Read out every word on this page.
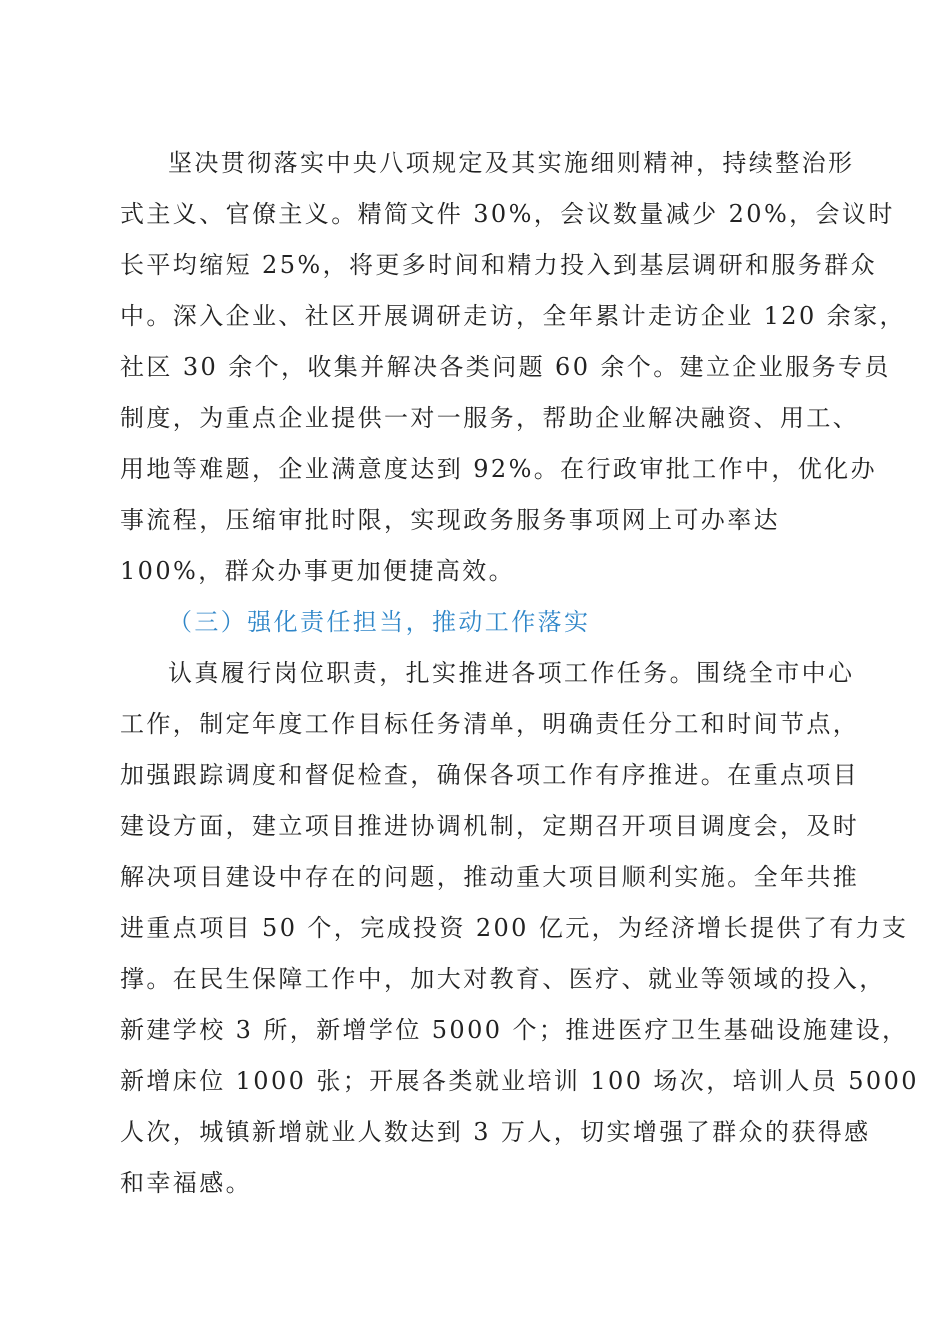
坚决贯彻落实中央八项规定及其实施细则精神，持续整治形
式主义、官僚主义。精简文件 30%，会议数量减少 20%，会议时
长平均缩短 25%，将更多时间和精力投入到基层调研和服务群众
中。深入企业、社区开展调研走访，全年累计走访企业 120 余家，
社区 30 余个，收集并解决各类问题 60 余个。建立企业服务专员
制度，为重点企业提供一对一服务，帮助企业解决融资、用工、
用地等难题，企业满意度达到 92%。在行政审批工作中，优化办
事流程，压缩审批时限，实现政务服务事项网上可办率达
100%，群众办事更加便捷高效。
（三）强化责任担当，推动工作落实
认真履行岗位职责，扎实推进各项工作任务。围绕全市中心
工作，制定年度工作目标任务清单，明确责任分工和时间节点，
加强跟踪调度和督促检查，确保各项工作有序推进。在重点项目
建设方面，建立项目推进协调机制，定期召开项目调度会，及时
解决项目建设中存在的问题，推动重大项目顺利实施。全年共推
进重点项目 50 个，完成投资 200 亿元，为经济增长提供了有力支
撑。在民生保障工作中，加大对教育、医疗、就业等领域的投入，
新建学校 3 所，新增学位 5000 个；推进医疗卫生基础设施建设，
新增床位 1000 张；开展各类就业培训 100 场次，培训人员 5000
人次，城镇新增就业人数达到 3 万人，切实增强了群众的获得感
和幸福感。
